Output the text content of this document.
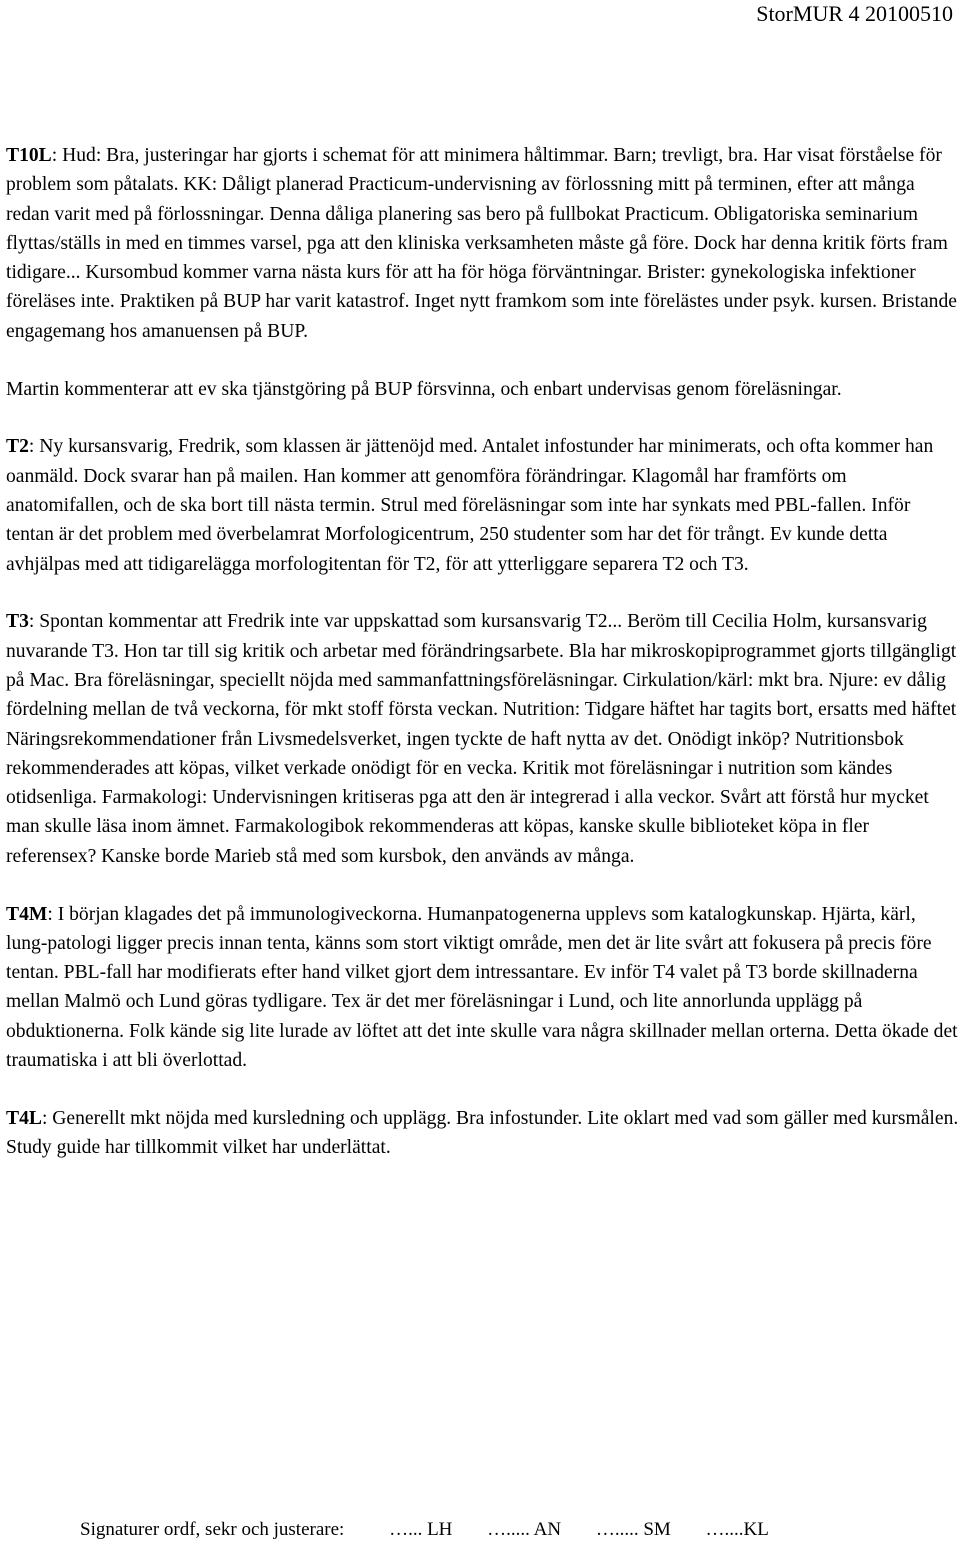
StorMUR 4 20100510

T10L: Hud: Bra, justeringar har gjorts i schemat för att minimera håltimmar. Barn; trevligt, bra. Har visat förståelse för problem som påtalats. KK: Dåligt planerad Practicum-undervisning av förlossning mitt på terminen, efter att många redan varit med på förlossningar. Denna dåliga planering sas bero på fullbokat Practicum. Obligatoriska seminarium flyttas/ställs in med en timmes varsel, pga att den kliniska verksamheten måste gå före. Dock har denna kritik förts fram tidigare... Kursombud kommer varna nästa kurs för att ha för höga förväntningar. Brister: gynekologiska infektioner föreläses inte. Praktiken på BUP har varit katastrof. Inget nytt framkom som inte förelästes under psyk. kursen. Bristande engagemang hos amanuensen på BUP.

Martin kommenterar att ev ska tjänstgöring på BUP försvinna, och enbart undervisas genom föreläsningar.

T2: Ny kursansvarig, Fredrik, som klassen är jättenöjd med. Antalet infostunder har minimerats, och ofta kommer han oanmäld. Dock svarar han på mailen. Han kommer att genomföra förändringar. Klagomål har framförts om anatomifallen, och de ska bort till nästa termin. Strul med föreläsningar som inte har synkats med PBL-fallen. Inför tentan är det problem med överbelamrat Morfologicentrum, 250 studenter som har det för trångt. Ev kunde detta avhjälpas med att tidigarelägga morfologitentan för T2, för att ytterliggare separera T2 och T3.

T3: Spontan kommentar att Fredrik inte var uppskattad som kursansvarig T2... Beröm till Cecilia Holm, kursansvarig nuvarande T3. Hon tar till sig kritik och arbetar med förändringsarbete. Bla har mikroskopiprogrammet gjorts tillgängligt på Mac. Bra föreläsningar, speciellt nöjda med sammanfattningsföreläsningar. Cirkulation/kärl: mkt bra. Njure: ev dålig fördelning mellan de två veckorna, för mkt stoff första veckan. Nutrition: Tidgare häftet har tagits bort, ersatts med häftet Näringsrekommendationer från Livsmedelsverket, ingen tyckte de haft nytta av det. Onödigt inköp? Nutritionsbok rekommenderades att köpas, vilket verkade onödigt för en vecka. Kritik mot föreläsningar i nutrition som kändes otidsenliga. Farmakologi: Undervisningen kritiseras pga att den är integrerad i alla veckor. Svårt att förstå hur mycket man skulle läsa inom ämnet. Farmakologibok rekommenderas att köpas, kanske skulle biblioteket köpa in fler referensex? Kanske borde Marieb stå med som kursbok, den används av många.

T4M: I början klagades det på immunologiveckorna. Humanpatogenerna upplevs som katalogkunskap. Hjärta, kärl, lung-patologi ligger precis innan tenta, känns som stort viktigt område, men det är lite svårt att fokusera på precis före tentan. PBL-fall har modifierats efter hand vilket gjort dem intressantare. Ev inför T4 valet på T3 borde skillnaderna mellan Malmö och Lund göras tydligare. Tex är det mer föreläsningar i Lund, och lite annorlunda upplägg på obduktionerna. Folk kände sig lite lurade av löftet att det inte skulle vara några skillnader mellan orterna. Detta ökade det traumatiska i att bli överlottad.

T4L: Generellt mkt nöjda med kursledning och upplägg. Bra infostunder. Lite oklart med vad som gäller med kursmålen. Study guide har tillkommit vilket har underlättat.

Signaturer ordf, sekr och justerare: …... LH …..... AN …..... SM …....KL
